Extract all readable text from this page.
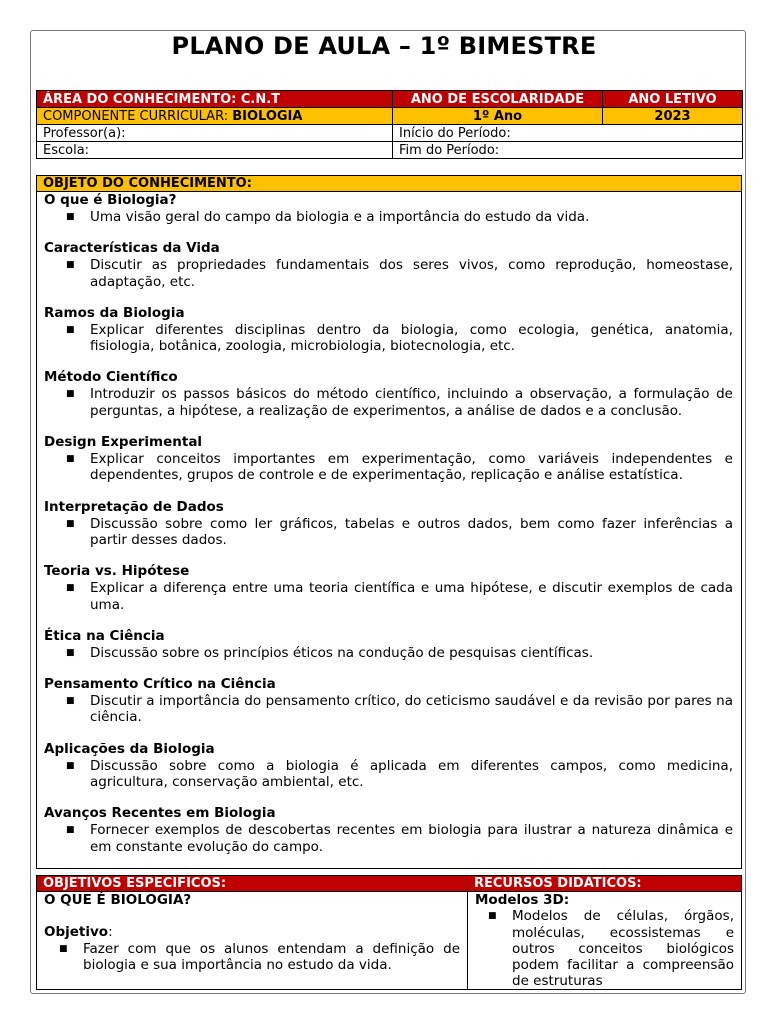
PLANO DE AULA – 1º BIMESTRE
ÁREA DO CONHECIMENTO: C.N.T	ANO DE ESCOLARIDADE	ANO LETIVO
COMPONENTE CURRICULAR: BIOLOGIA	1º Ano	2023
Professor(a):	Início do Período:	
Escola:	Fim do Período:	
OBJETO DO CONHECIMENTO:
O que é Biologia?
■ Uma visão geral do campo da biologia e a importância do estudo da vida.
Características da Vida
■ Discutir as propriedades fundamentais dos seres vivos, como reprodução, homeostase, adaptação, etc.
Ramos da Biologia
■ Explicar diferentes disciplinas dentro da biologia, como ecologia, genética, anatomia, fisiologia, botânica, zoologia, microbiologia, biotecnologia, etc.
Método Científico
■ Introduzir os passos básicos do método científico, incluindo a observação, a formulação de perguntas, a hipótese, a realização de experimentos, a análise de dados e a conclusão.
Design Experimental
■ Explicar conceitos importantes em experimentação, como variáveis independentes e dependentes, grupos de controle e de experimentação, replicação e análise estatística.
Interpretação de Dados
■ Discussão sobre como ler gráficos, tabelas e outros dados, bem como fazer inferências a partir desses dados.
Teoria vs. Hipótese
■ Explicar a diferença entre uma teoria científica e uma hipótese, e discutir exemplos de cada uma.
Ética na Ciência
■ Discussão sobre os princípios éticos na condução de pesquisas científicas.
Pensamento Crítico na Ciência
■ Discutir a importância do pensamento crítico, do ceticismo saudável e da revisão por pares na ciência.
Aplicações da Biologia
■ Discussão sobre como a biologia é aplicada em diferentes campos, como medicina, agricultura, conservação ambiental, etc.
Avanços Recentes em Biologia
■ Fornecer exemplos de descobertas recentes em biologia para ilustrar a natureza dinâmica e em constante evolução do campo.
OBJETIVOS ESPECÍFICOS:
O QUE É BIOLOGIA?
Objetivo:
■ Fazer com que os alunos entendam a definição de biologia e sua importância no estudo da vida.
RECURSOS DIDÁTICOS:
Modelos 3D:
■ Modelos de células, órgãos, moléculas, ecossistemas e outros conceitos biológicos podem facilitar a compreensão de estruturas
